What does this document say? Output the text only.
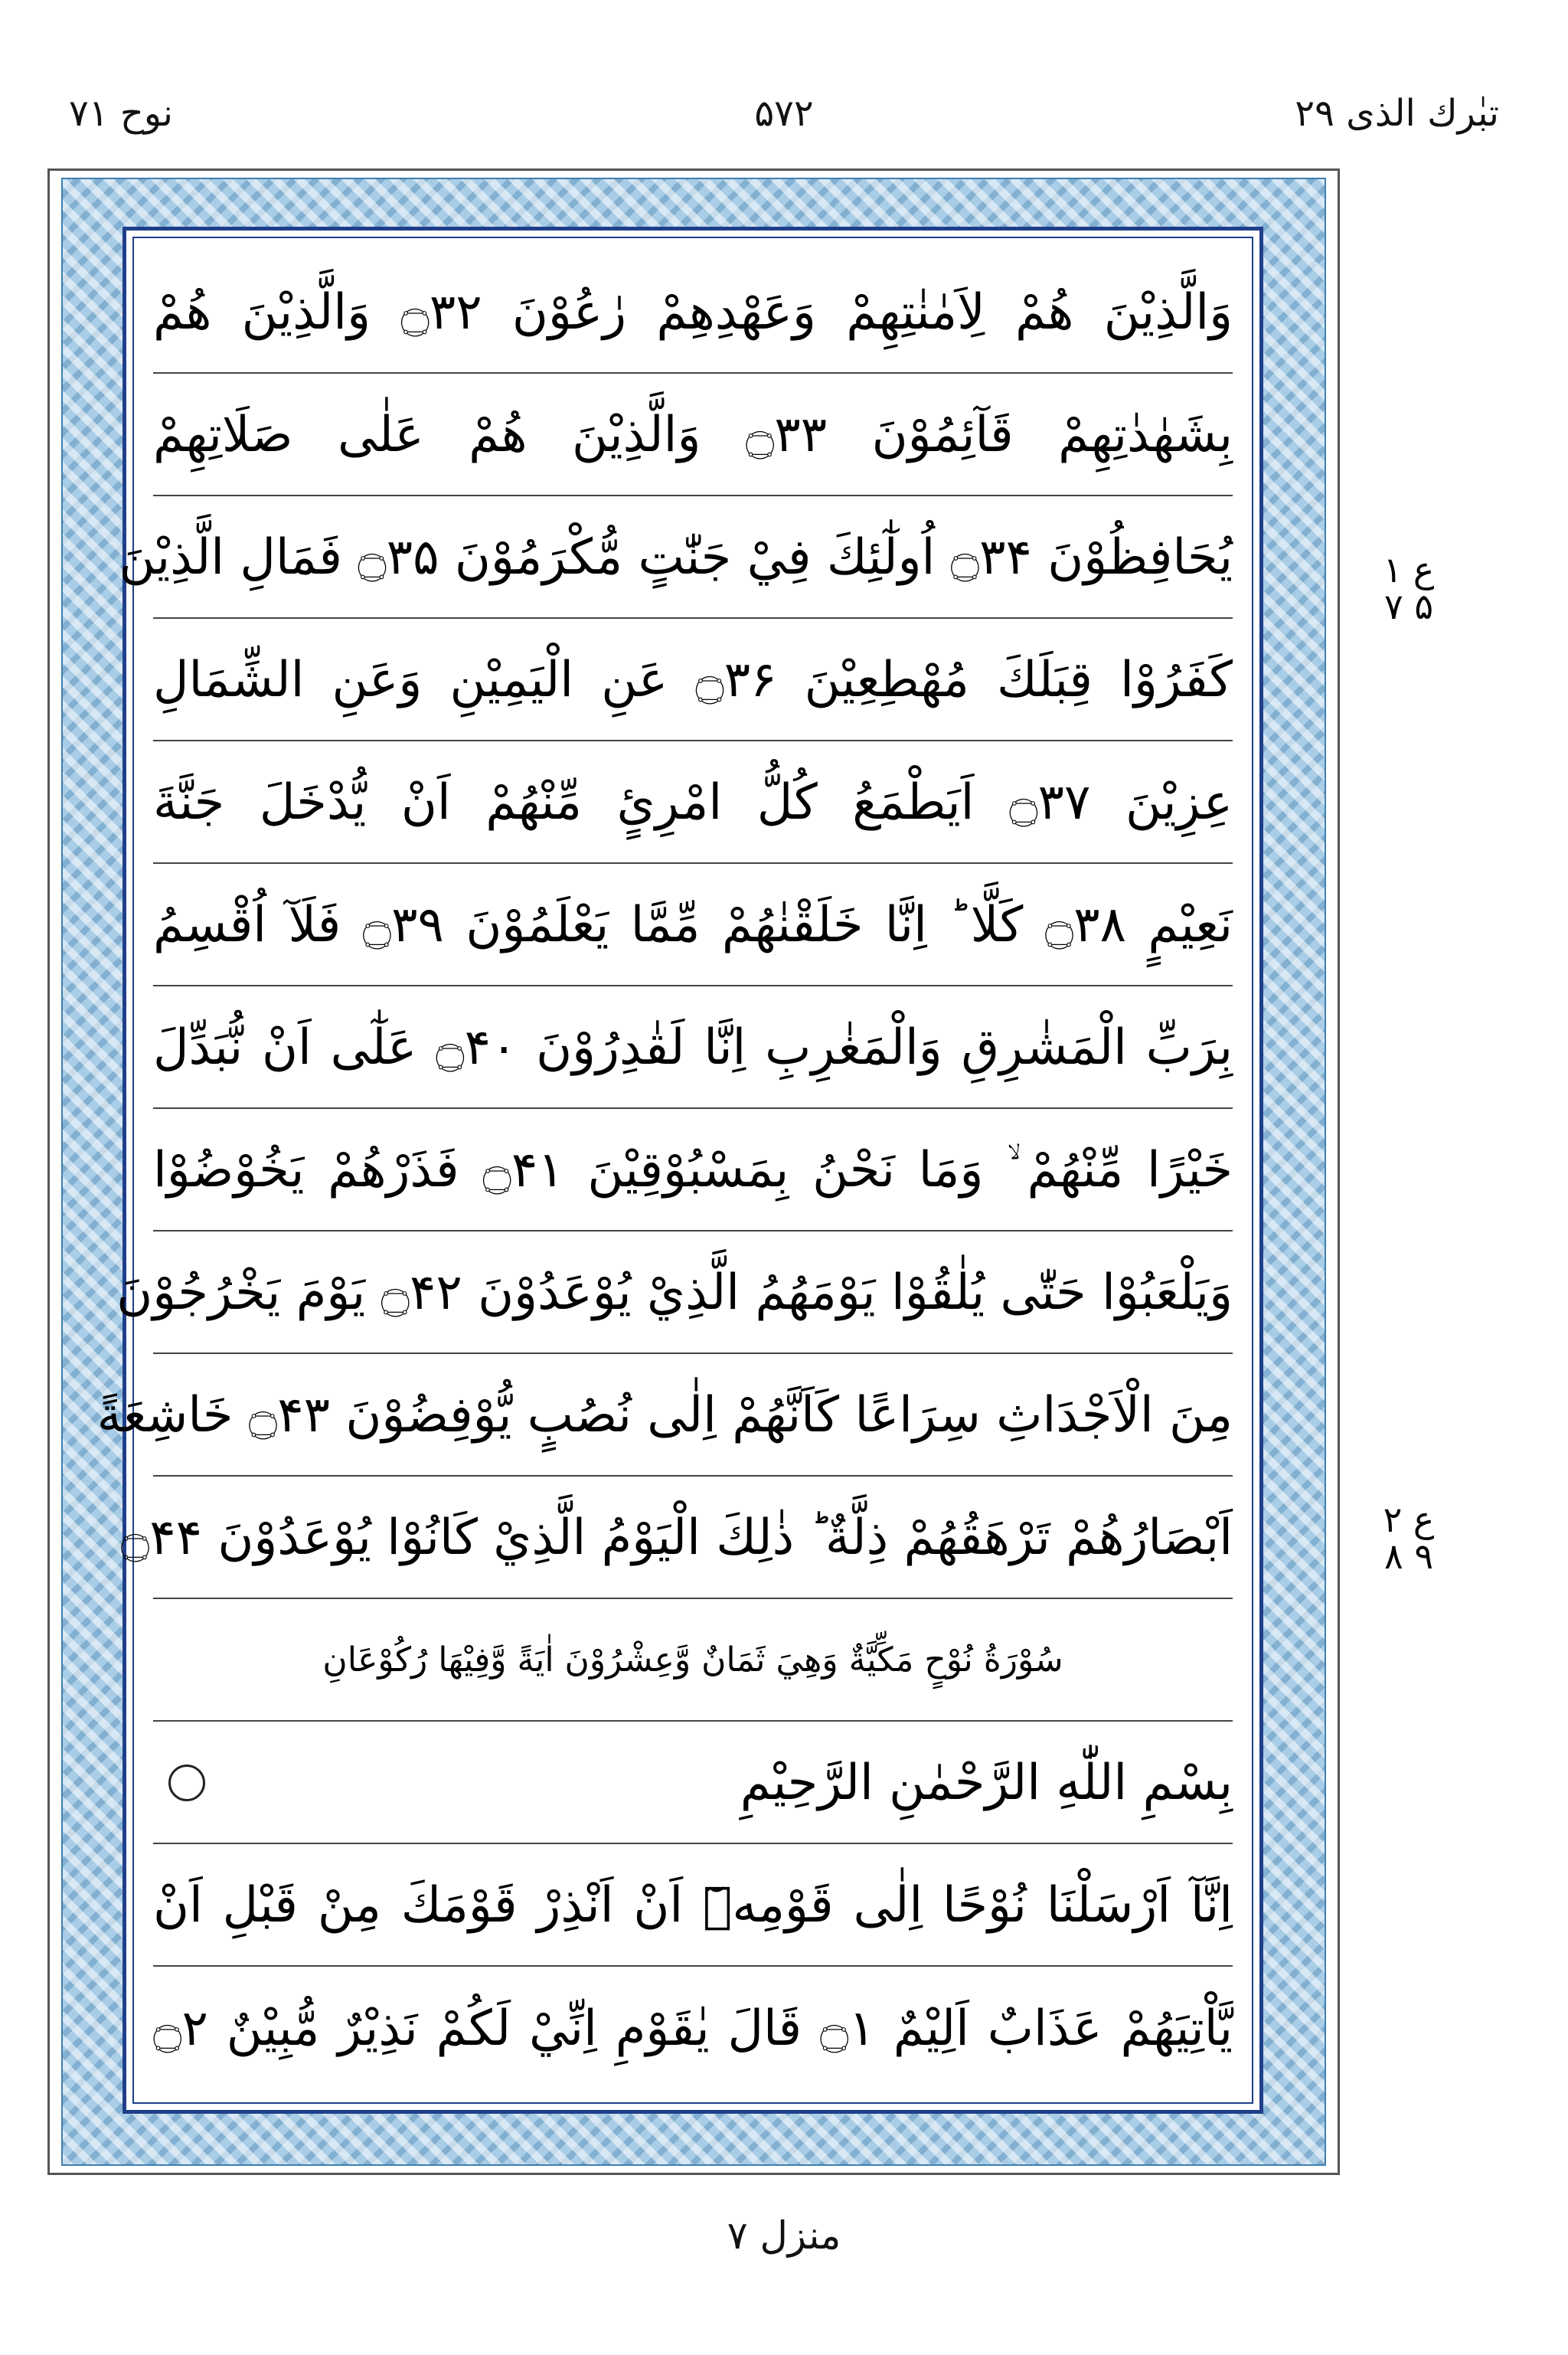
نوح ۷۱	۵۷۲	تبٰرك الذی ۲۹
وَالَّذِيْنَ هُمْ لِاَمٰنٰتِهِمْ وَعَهْدِهِمْ رٰعُوْنَ ۝۳۲ وَالَّذِيْنَ هُمْ
بِشَهٰدٰتِهِمْ قَآئِمُوْنَ ۝۳۳ وَالَّذِيْنَ هُمْ عَلٰى صَلَاتِهِمْ
يُحَافِظُوْنَ ۝۳۴ اُولٰٓئِكَ فِيْ جَنّٰتٍ مُّكْرَمُوْنَ ۝۳۵ فَمَالِ الَّذِيْنَ
كَفَرُوْا قِبَلَكَ مُهْطِعِيْنَ ۝۳۶ عَنِ الْيَمِيْنِ وَعَنِ الشِّمَالِ
عِزِيْنَ ۝۳۷ اَيَطْمَعُ كُلُّ امْرِئٍ مِّنْهُمْ اَنْ يُّدْخَلَ جَنَّةَ
نَعِيْمٍ ۝۳۸ كَلَّا ؕ اِنَّا خَلَقْنٰهُمْ مِّمَّا يَعْلَمُوْنَ ۝۳۹ فَلَآ اُقْسِمُ
بِرَبِّ الْمَشٰرِقِ وَالْمَغٰرِبِ اِنَّا لَقٰدِرُوْنَ ۝۴۰ عَلٰٓى اَنْ نُّبَدِّلَ
خَيْرًا مِّنْهُمْ ۙ وَمَا نَحْنُ بِمَسْبُوْقِيْنَ ۝۴۱ فَذَرْهُمْ يَخُوْضُوْا
وَيَلْعَبُوْا حَتّٰى يُلٰقُوْا يَوْمَهُمُ الَّذِيْ يُوْعَدُوْنَ ۝۴۲ يَوْمَ يَخْرُجُوْنَ
مِنَ الْاَجْدَاثِ سِرَاعًا كَاَنَّهُمْ اِلٰى نُصُبٍ يُّوْفِضُوْنَ ۝۴۳ خَاشِعَةً
اَبْصَارُهُمْ تَرْهَقُهُمْ ذِلَّةٌ ؕ ذٰلِكَ الْيَوْمُ الَّذِيْ كَانُوْا يُوْعَدُوْنَ ۝۴۴
سُوْرَةُ نُوْحٍ مَكِّيَّةٌ وَهِيَ ثَمَانٌ وَّعِشْرُوْنَ اٰيَةً وَّفِيْهَا رُكُوْعَانِ
بِسْمِ اللّٰهِ الرَّحْمٰنِ الرَّحِيْمِ
اِنَّآ اَرْسَلْنَا نُوْحًا اِلٰى قَوْمِهٖٓ اَنْ اَنْذِرْ قَوْمَكَ مِنْ قَبْلِ اَنْ
يَّاْتِيَهُمْ عَذَابٌ اَلِيْمٌ ۝۱ قَالَ يٰقَوْمِ اِنِّيْ لَكُمْ نَذِيْرٌ مُّبِيْنٌ ۝۲
ع ۱ ۵ ۷
ع ۲ ۹ ۸
منزل ۷
